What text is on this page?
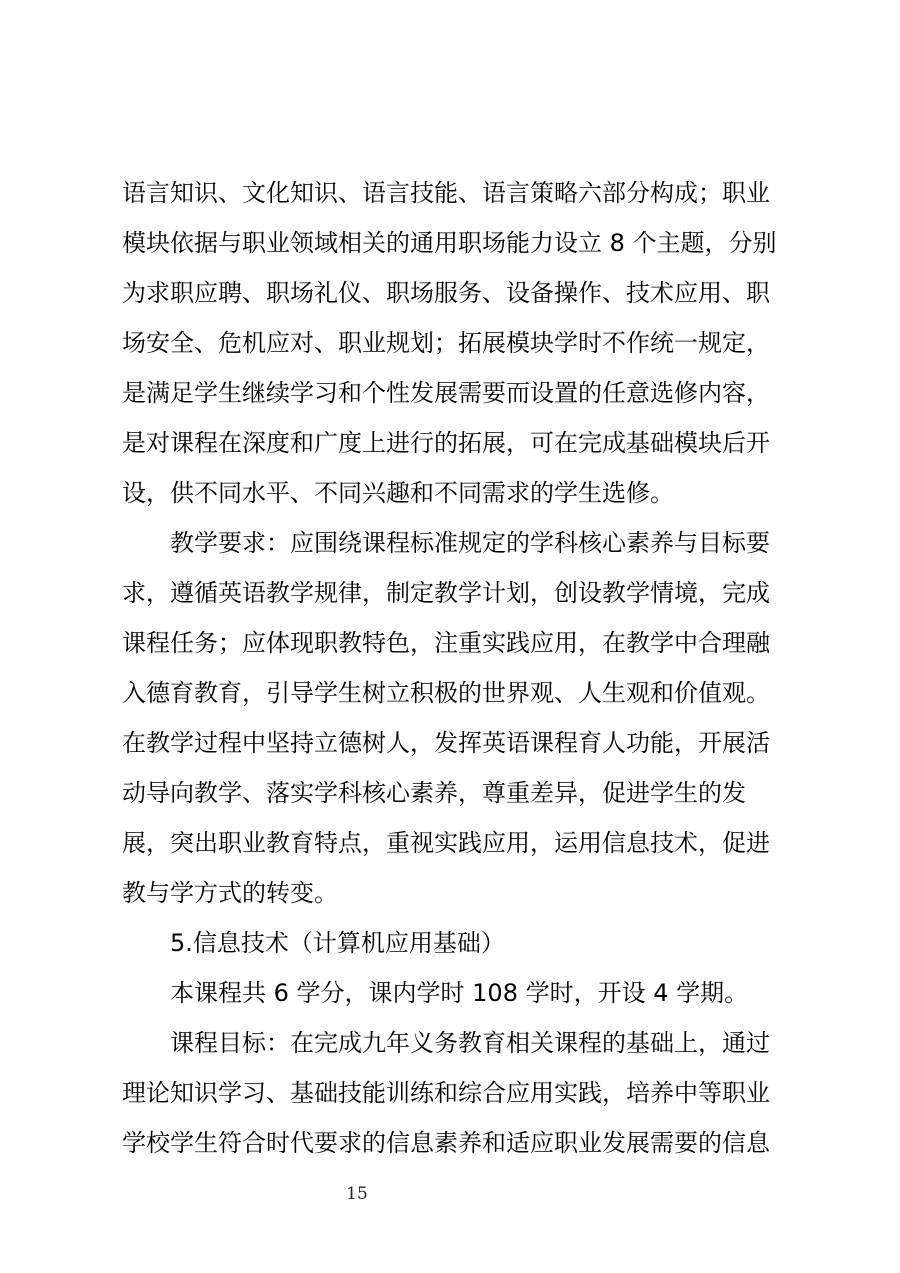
语言知识、文化知识、语言技能、语言策略六部分构成；职业
模块依据与职业领域相关的通用职场能力设立 8 个主题，分别
为求职应聘、职场礼仪、职场服务、设备操作、技术应用、职
场安全、危机应对、职业规划；拓展模块学时不作统一规定，
是满足学生继续学习和个性发展需要而设置的任意选修内容，
是对课程在深度和广度上进行的拓展，可在完成基础模块后开
设，供不同水平、不同兴趣和不同需求的学生选修。
教学要求：应围绕课程标准规定的学科核心素养与目标要
求，遵循英语教学规律，制定教学计划，创设教学情境，完成
课程任务；应体现职教特色，注重实践应用，在教学中合理融
入德育教育，引导学生树立积极的世界观、人生观和价值观。
在教学过程中坚持立德树人，发挥英语课程育人功能，开展活
动导向教学、落实学科核心素养，尊重差异，促进学生的发
展，突出职业教育特点，重视实践应用，运用信息技术，促进
教与学方式的转变。
5.信息技术（计算机应用基础）
本课程共 6 学分，课内学时 108 学时，开设 4 学期。
课程目标：在完成九年义务教育相关课程的基础上，通过
理论知识学习、基础技能训练和综合应用实践，培养中等职业
学校学生符合时代要求的信息素养和适应职业发展需要的信息
15
